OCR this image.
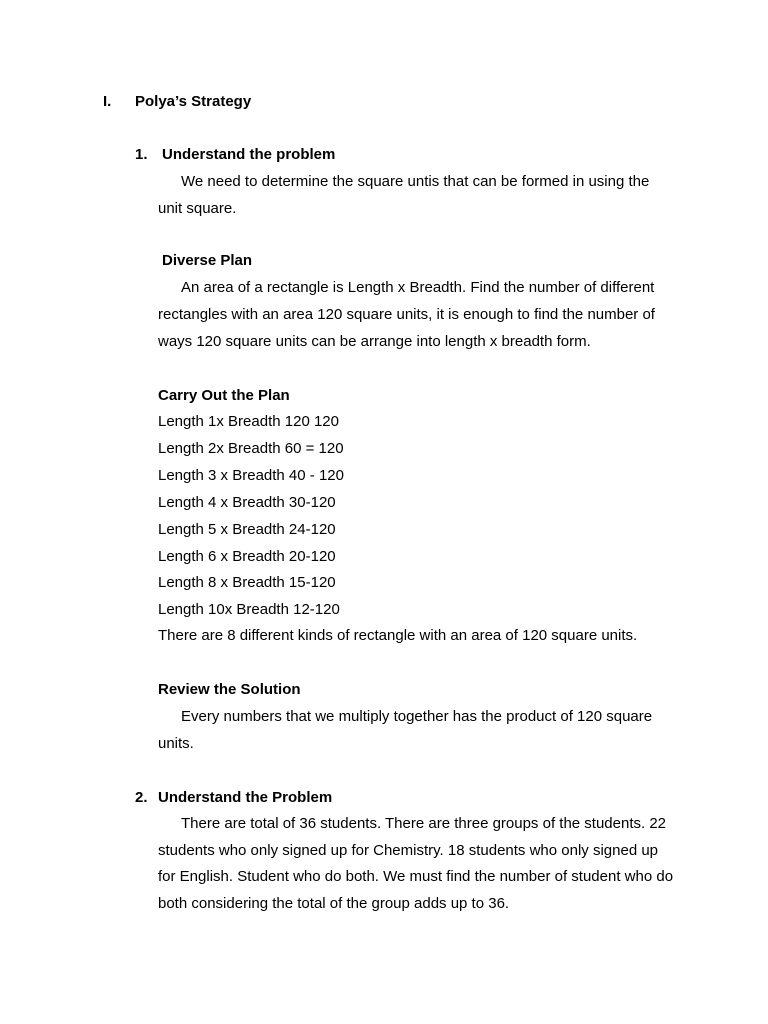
I. Polya’s Strategy
1. Understand the problem
We need to determine the square untis that can be formed in using the
unit square.
Diverse Plan
An area of a rectangle is Length x Breadth. Find the number of different
rectangles with an area 120 square units, it is enough to find the number of
ways 120 square units can be arrange into length x breadth form.
Carry Out the Plan
Length 1x Breadth 120 120
Length 2x Breadth 60 = 120
Length 3 x Breadth 40 - 120
Length 4 x Breadth 30-120
Length 5 x Breadth 24-120
Length 6 x Breadth 20-120
Length 8 x Breadth 15-120
Length 10x Breadth 12-120
There are 8 different kinds of rectangle with an area of 120 square units.
Review the Solution
Every numbers that we multiply together has the product of 120 square
units.
2. Understand the Problem
There are total of 36 students. There are three groups of the students. 22
students who only signed up for Chemistry. 18 students who only signed up
for English. Student who do both. We must find the number of student who do
both considering the total of the group adds up to 36.
